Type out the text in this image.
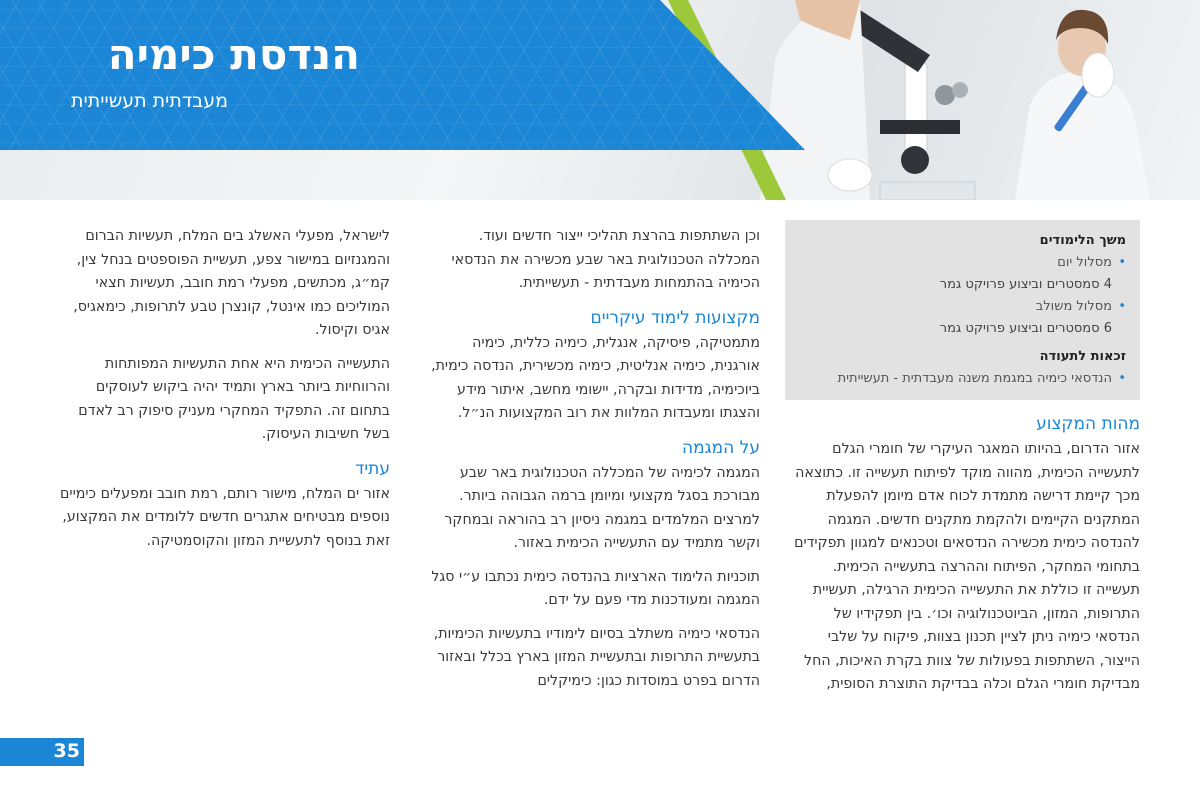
הנדסת כימיה
מעבדתית תעשייתית
משך הלימודים
• מסלול יום
4 סמסטרים וביצוע פרויקט גמר
• מסלול משולב
6 סמסטרים וביצוע פרויקט גמר
זכאות לתעודה
• הנדסאי כימיה במגמת משנה מעבדתית - תעשייתית
מהות המקצוע

אזור הדרום, בהיותו המאגר העיקרי של חומרי הגלם לתעשייה הכימית, מהווה מוקד לפיתוח תעשייה זו. כתוצאה מכך קיימת דרישה מתמדת לכוח אדם מיומן להפעלת המתקנים הקיימים ולהקמת מתקנים חדשים. המגמה להנדסה כימית מכשירה הנדסאים וטכנאים למגוון תפקידים בתחומי המחקר, הפיתוח וההרצה בתעשייה הכימית. תעשייה זו כוללת את התעשייה הכימית הרגילה, תעשיית התרופות, המזון, הביוטכנולוגיה וכו׳. בין תפקידיו של הנדסאי כימיה ניתן לציין תכנון בצוות, פיקוח על שלבי הייצור, השתתפות בפעולות של צוות בקרת האיכות, החל מבדיקת חומרי הגלם וכלה בבדיקת התוצרת הסופית,

וכן השתתפות בהרצת תהליכי ייצור חדשים ועוד. המכללה הטכנולוגית באר שבע מכשירה את הנדסאי הכימיה בהתמחות מעבדתית - תעשייתית.

מקצועות לימוד עיקריים

מתמטיקה, פיסיקה, אנגלית, כימיה כללית, כימיה אורגנית, כימיה אנליטית, כימיה מכשירית, הנדסה כימית, ביוכימיה, מדידות ובקרה, יישומי מחשב, איתור מידע והצגתו ומעבדות המלוות את רוב המקצועות הנ״ל.

על המגמה

המגמה לכימיה של המכללה הטכנולוגית באר שבע מבורכת בסגל מקצועי ומיומן ברמה הגבוהה ביותר. למרצים המלמדים במגמה ניסיון רב בהוראה ובמחקר וקשר מתמיד עם התעשייה הכימית באזור.

תוכניות הלימוד הארציות בהנדסה כימית נכתבו ע״י סגל המגמה ומעודכנות מדי פעם על ידם.

הנדסאי כימיה משתלב בסיום לימודיו בתעשיות הכימיות, בתעשיית התרופות ובתעשיית המזון בארץ בכלל ובאזור הדרום בפרט במוסדות כגון: כימיקלים

לישראל, מפעלי האשלג בים המלח, תעשיות הברום והמגנזיום במישור צפע, תעשיית הפוספטים בנחל צין, קמ״ג, מכתשים, מפעלי רמת חובב, תעשיות חצאי המוליכים כמו אינטל, קונצרן טבע לתרופות, כימאגיס, אגיס וקיסול.

התעשייה הכימית היא אחת התעשיות המפותחות והרווחיות ביותר בארץ ותמיד יהיה ביקוש לעוסקים בתחום זה. התפקיד המחקרי מעניק סיפוק רב לאדם בשל חשיבות העיסוק.

עתיד

אזור ים המלח, מישור רותם, רמת חובב ומפעלים כימיים נוספים מבטיחים אתגרים חדשים ללומדים את המקצוע, זאת בנוסף לתעשיית המזון והקוסמטיקה.

35
